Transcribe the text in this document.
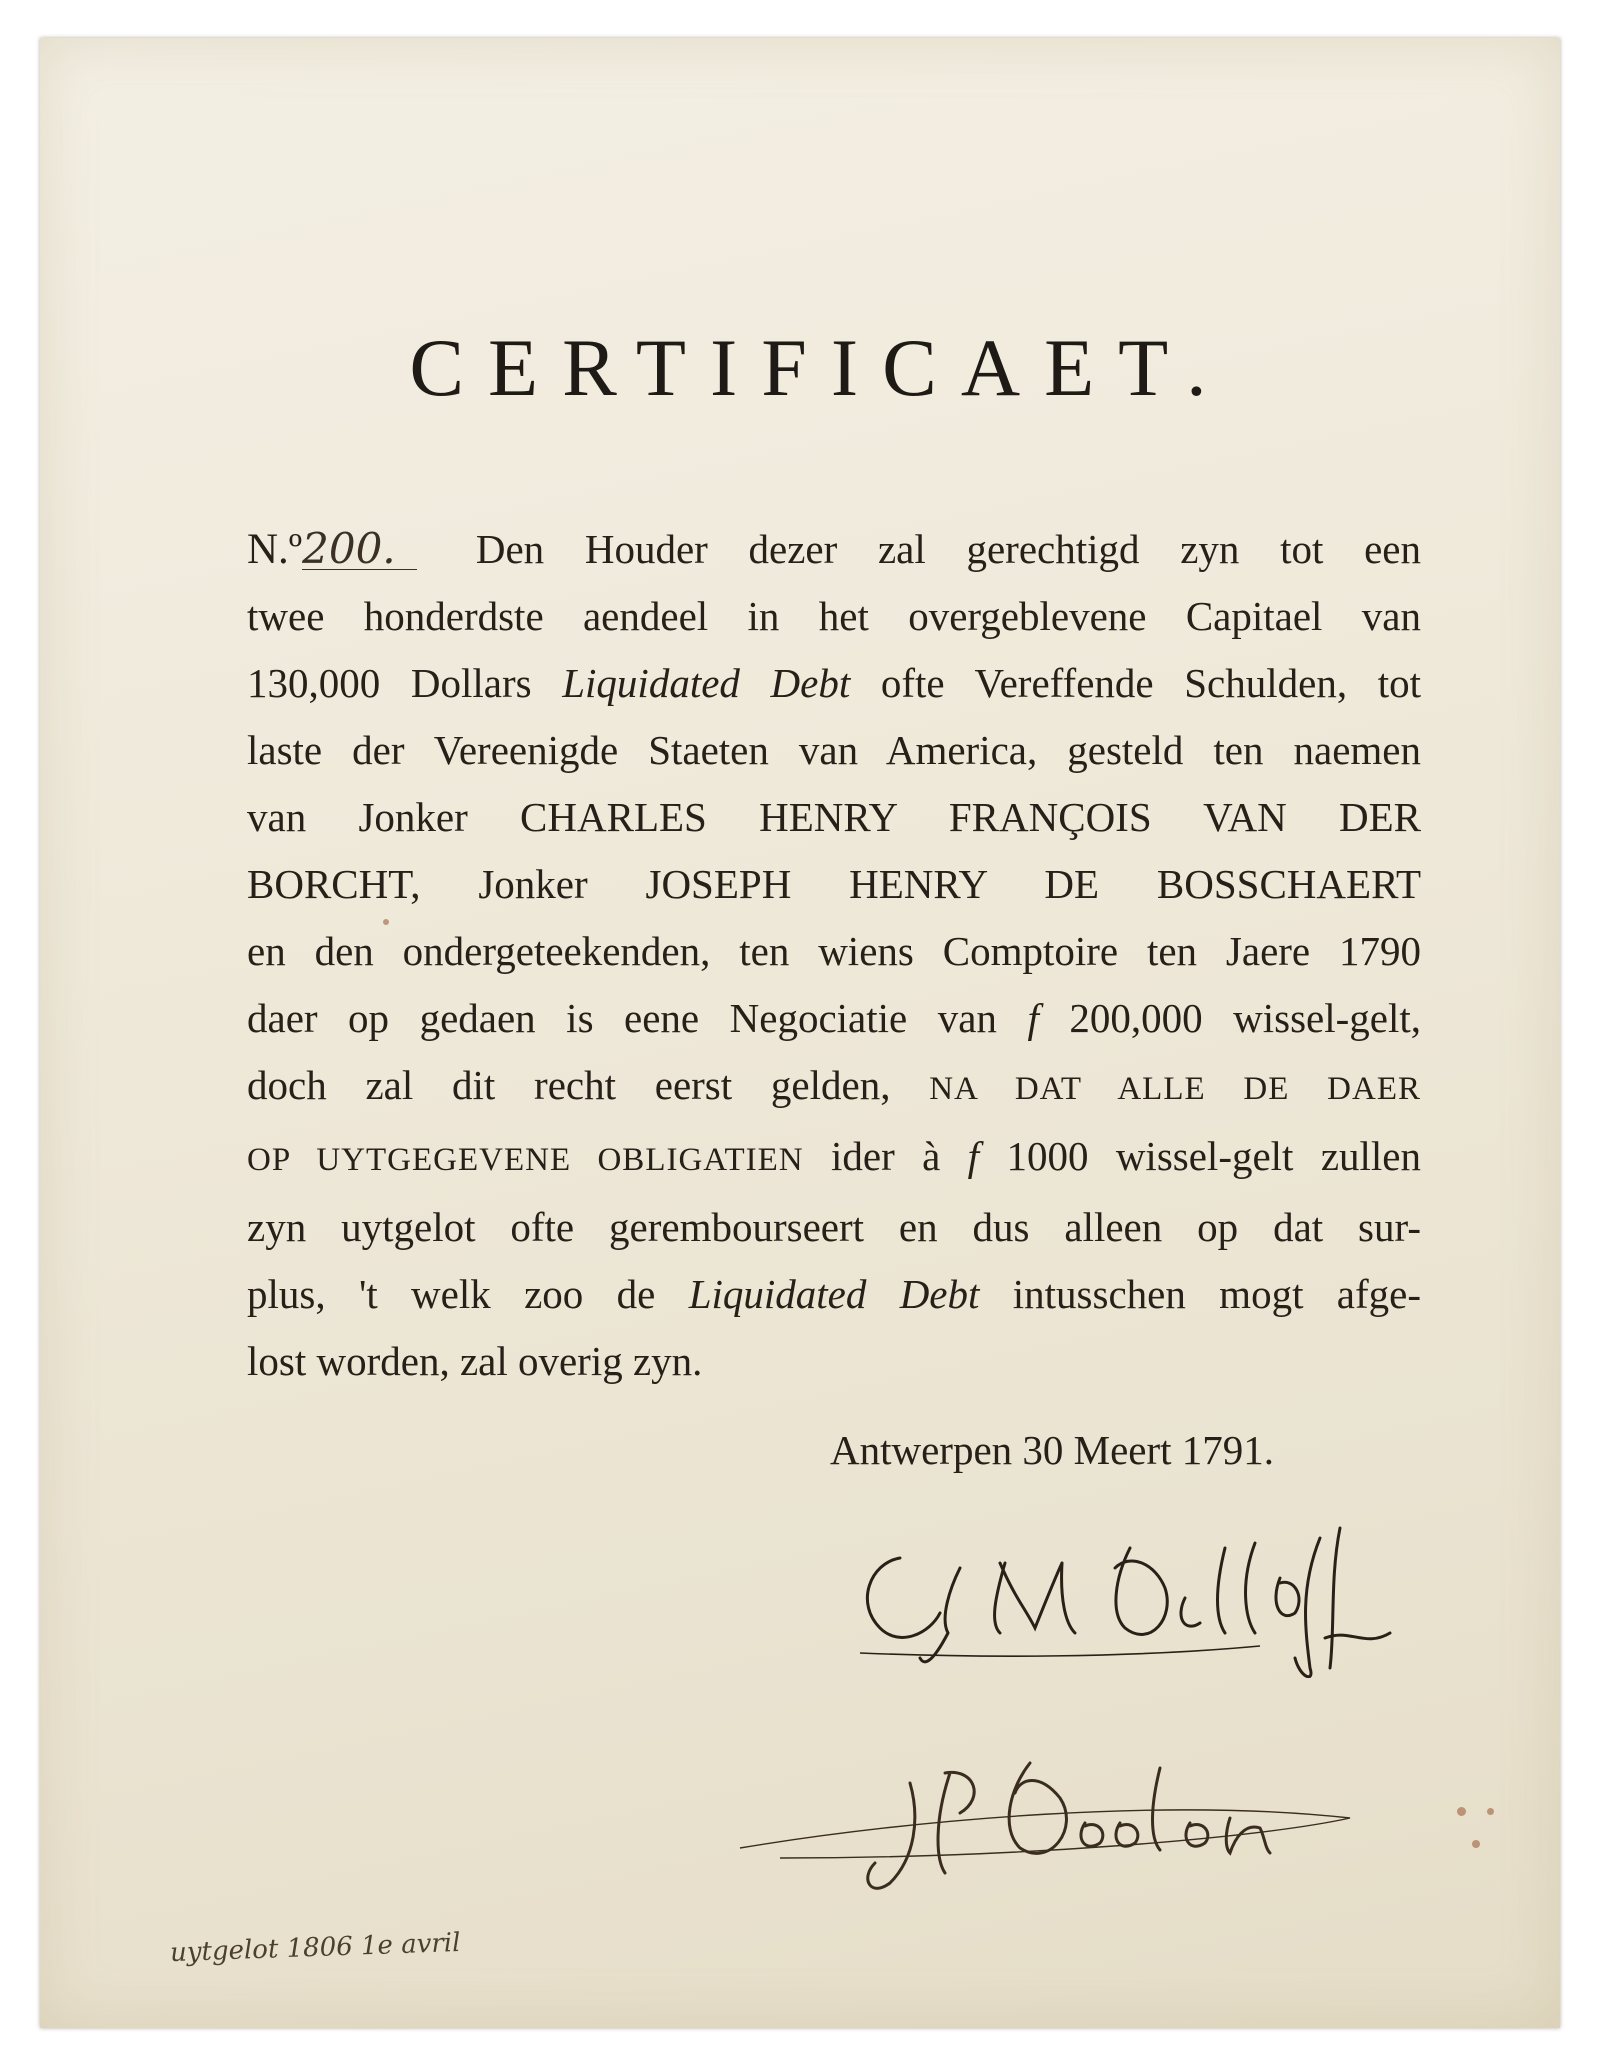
CERTIFICAET.
N.º200. Den Houder dezer zal gerechtigd zyn tot een
twee honderdste aendeel in het overgeblevene Capitael van
130,000 Dollars Liquidated Debt ofte Vereffende Schulden, tot
laste der Vereenigde Staeten van America, gesteld ten naemen
van Jonker CHARLES HENRY FRANÇOIS VAN DER
BORCHT, Jonker JOSEPH HENRY DE BOSSCHAERT
en den ondergeteekenden, ten wiens Comptoire ten Jaere 1790
daer op gedaen is eene Negociatie van f 200,000 wissel-gelt,
doch zal dit recht eerst gelden, NA DAT ALLE DE DAER
OP UYTGEGEVENE OBLIGATIEN ider à f 1000 wissel-gelt zullen
zyn uytgelot ofte gerembourseert en dus alleen op dat sur-
plus, 't welk zoo de Liquidated Debt intusschen mogt afge-
lost worden, zal overig zyn.
Antwerpen 30 Meert 1791.
uytgelot 1806 1e avril
